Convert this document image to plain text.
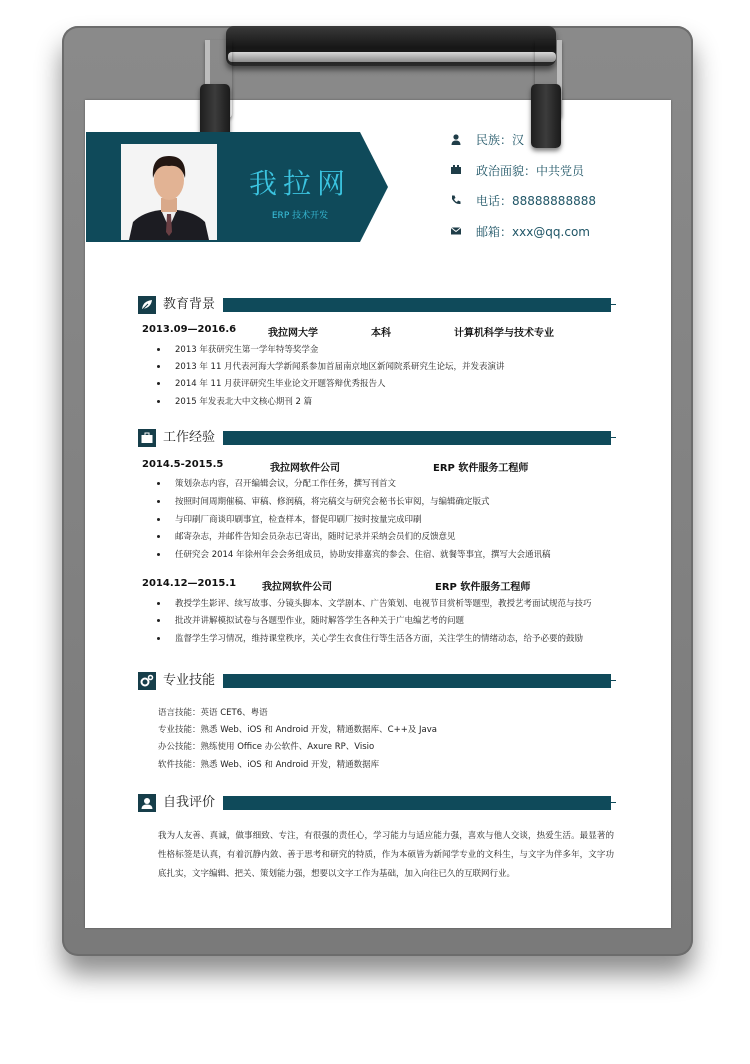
我拉网
ERP 技术开发
民族：汉
政治面貌：中共党员
电话：88888888888
邮箱：xxx@qq.com
教育背景
2013.09—2016.6	我拉网大学	本科	计算机科学与技术专业
2013 年获研究生第一学年特等奖学金
2013 年 11 月代表河海大学新闻系参加首届南京地区新闻院系研究生论坛，并发表演讲
2014 年 11 月获评研究生毕业论文开题答辩优秀报告人
2015 年发表北大中文核心期刊 2 篇
工作经验
2014.5-2015.5	我拉网软件公司	ERP 软件服务工程师
策划杂志内容，召开编辑会议，分配工作任务，撰写刊首文
按照时间周期催稿、审稿、修润稿，将完稿交与研究会秘书长审阅，与编辑确定版式
与印刷厂商谈印刷事宜，检查样本，督促印刷厂按时按量完成印刷
邮寄杂志，并邮件告知会员杂志已寄出，随时记录并采纳会员们的反馈意见
任研究会 2014 年徐州年会会务组成员，协助安排嘉宾的参会、住宿、就餐等事宜，撰写大会通讯稿
2014.12—2015.1	我拉网软件公司	ERP 软件服务工程师
教授学生影评、续写故事、分镜头脚本、文学剧本、广告策划、电视节目赏析等题型，教授艺考面试规范与技巧
批改并讲解模拟试卷与各题型作业，随时解答学生各种关于广电编艺考的问题
监督学生学习情况，维持课堂秩序，关心学生衣食住行等生活各方面，关注学生的情绪动态，给予必要的鼓励
专业技能
语言技能：英语 CET6、粤语
专业技能：熟悉 Web、iOS 和 Android 开发，精通数据库、C++及 Java
办公技能：熟练使用 Office 办公软件、Axure RP、Visio
软件技能：熟悉 Web、iOS 和 Android 开发，精通数据库
自我评价
我为人友善、真诚，做事细致、专注，有很强的责任心，学习能力与适应能力强，喜欢与他人交谈，热爱生活。最显著的性格标签是认真，有着沉静内敛、善于思考和研究的特质，作为本硕皆为新闻学专业的文科生，与文字为伴多年，文字功底扎实，文字编辑、把关、策划能力强，想要以文字工作为基础，加入向往已久的互联网行业。
